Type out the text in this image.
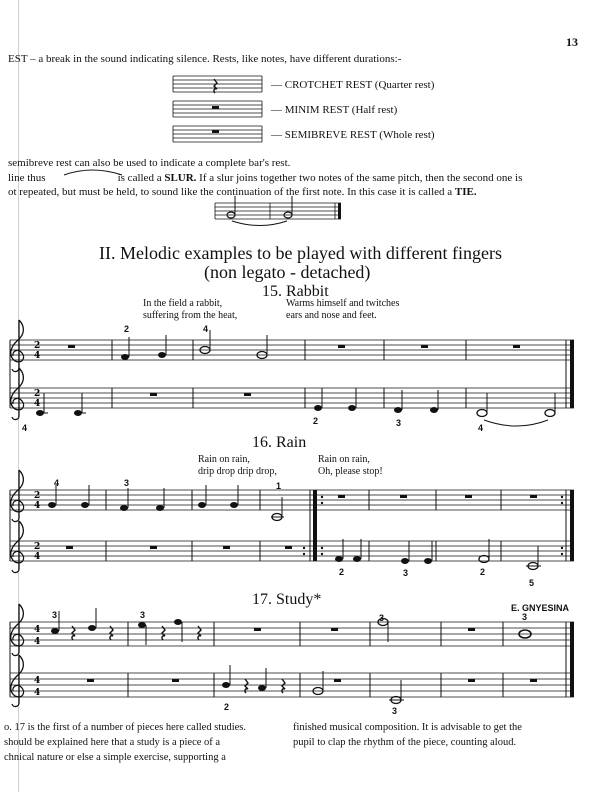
13
EST – a break in the sound indicating silence. Rests, like notes, have different durations:-
— CROTCHET REST (Quarter rest)
— MINIM REST (Half rest)
— SEMIBREVE REST (Whole rest)
semibreve rest can also be used to indicate a complete bar's rest.
line thus	is called a SLUR. If a slur joins together two notes of the same pitch, then the second one is
ot repeated, but must be held, to sound like the continuation of the first note. In this case it is called a TIE.
II. Melodic examples to be played with different fingers
(non legato - detached)
15. Rabbit
In the field a rabbit,
suffering from the heat,
Warms himself and twitches
ears and nose and feet.
2	4
4
2	3	4
16. Rain
Rain on rain,
drip drop drip drop,
Rain on rain,
Oh, please stop!
4	3	1
2	3	2
5
17. Study*	E. GNYESINA
3	3	3	3
2	3
o. 17 is the first of a number of pieces here called studies.
should be explained here that a study is a piece of a
chnical nature or else a simple exercise, supporting a
finished musical composition. It is advisable to get the
pupil to clap the rhythm of the piece, counting aloud.
2
4
2
4
2
4
2
4
4
4
4
4
